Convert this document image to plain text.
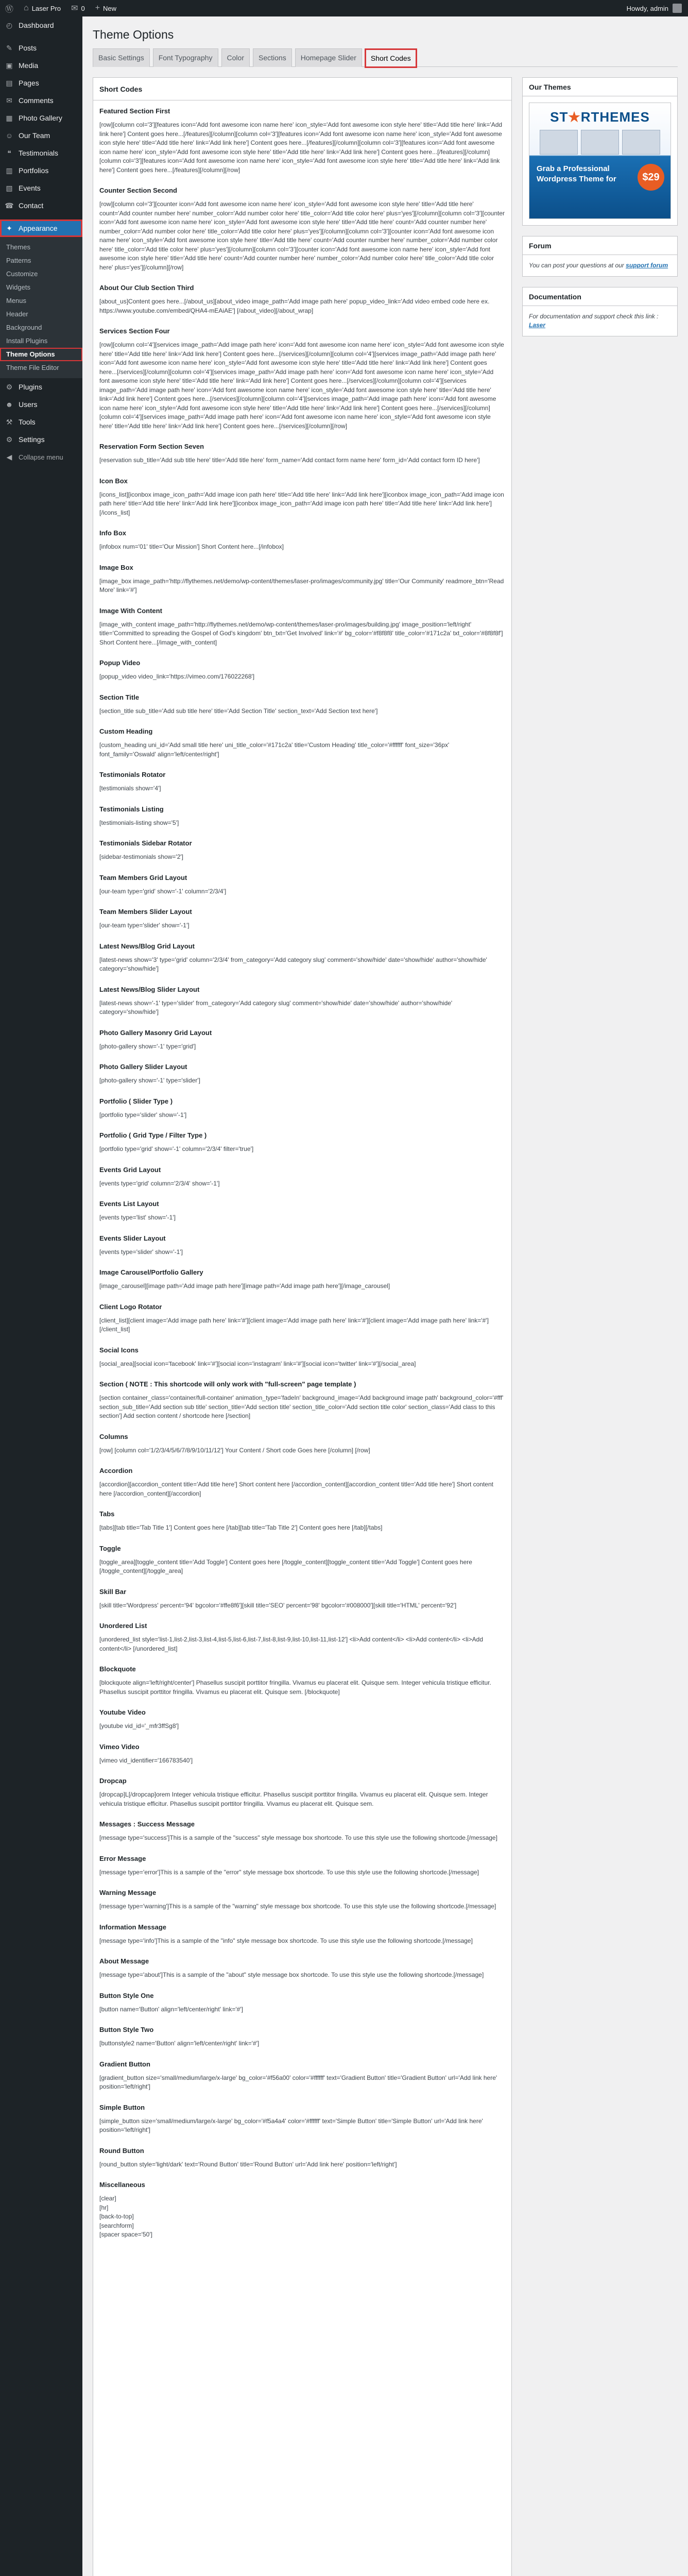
Ⓦ ⌂ Laser Pro ✉ 0 + New	Howdy, admin
◴ Dashboard
✎ Posts
▣ Media
▤ Pages
✉ Comments
▦ Photo Gallery
☺ Our Team
❝	Testimonials
▥ Portfolios
▧ Events
☎ Contact
✦ Appearance
Themes
Patterns
Customize
Widgets
Menus
Header
Background
Install Plugins
Theme Options
Theme File Editor
⚙ Plugins
☻ Users
⚒ Tools
⚙ Settings
◀ Collapse menu
Theme Options
Basic Settings	Font Typography	Color	Sections	Homepage Slider	Short Codes
Short Codes
Featured Section First
[row][column col='3'][features icon='Add font awesome icon name here' icon_style='Add font awesome icon style here' title='Add title here' link='Add link here'] Content goes here...[/features][/column][column col='3'][features icon='Add font awesome icon name here' icon_style='Add font awesome icon style here' title='Add title here' link='Add link here'] Content goes here...[/features][/column][column col='3'][features icon='Add font awesome icon name here' icon_style='Add font awesome icon style here' title='Add title here' link='Add link here'] Content goes here...[/features][/column][column col='3'][features icon='Add font awesome icon name here' icon_style='Add font awesome icon style here' title='Add title here' link='Add link here'] Content goes here...[/features][/column][/row]
Counter Section Second
[row][column col='3'][counter icon='Add font awesome icon name here' icon_style='Add font awesome icon style here' title='Add title here' count='Add counter number here' number_color='Add number color here' title_color='Add title color here' plus='yes'][/column][column col='3'][counter icon='Add font awesome icon name here' icon_style='Add font awesome icon style here' title='Add title here' count='Add counter number here' number_color='Add number color here' title_color='Add title color here' plus='yes'][/column][column col='3'][counter icon='Add font awesome icon name here' icon_style='Add font awesome icon style here' title='Add title here' count='Add counter number here' number_color='Add number color here' title_color='Add title color here' plus='yes'][/column][column col='3'][counter icon='Add font awesome icon name here' icon_style='Add font awesome icon style here' title='Add title here' count='Add counter number here' number_color='Add number color here' title_color='Add title color here' plus='yes'][/column][/row]
About Our Club Section Third
[about_us]Content goes here...[/about_us][about_video image_path='Add image path here' popup_video_link='Add video embed code here ex. https://www.youtube.com/embed/QHA4-mEAiAE'] [/about_video][/about_wrap]
Services Section Four
[row][column col='4'][services image_path='Add image path here' icon='Add font awesome icon name here' icon_style='Add font awesome icon style here' title='Add title here' link='Add link here'] Content goes here...[/services][/column][column col='4'][services image_path='Add image path here' icon='Add font awesome icon name here' icon_style='Add font awesome icon style here' title='Add title here' link='Add link here'] Content goes here...[/services][/column][column col='4'][services image_path='Add image path here' icon='Add font awesome icon name here' icon_style='Add font awesome icon style here' title='Add title here' link='Add link here'] Content goes here...[/services][/column][column col='4'][services image_path='Add image path here' icon='Add font awesome icon name here' icon_style='Add font awesome icon style here' title='Add title here' link='Add link here'] Content goes here...[/services][/column][column col='4'][services image_path='Add image path here' icon='Add font awesome icon name here' icon_style='Add font awesome icon style here' title='Add title here' link='Add link here'] Content goes here...[/services][/column][column col='4'][services image_path='Add image path here' icon='Add font awesome icon name here' icon_style='Add font awesome icon style here' title='Add title here' link='Add link here'] Content goes here...[/services][/column][/row]
Reservation Form Section Seven
[reservation sub_title='Add sub title here' title='Add title here' form_name='Add contact form name here' form_id='Add contact form ID here']
Icon Box
[icons_list][iconbox image_icon_path='Add image icon path here' title='Add title here' link='Add link here'][iconbox image_icon_path='Add image icon path here' title='Add title here' link='Add link here'][iconbox image_icon_path='Add image icon path here' title='Add title here' link='Add link here'][/icons_list]
Info Box
[infobox num='01' title='Our Mission'] Short Content here...[/infobox]
Image Box
[image_box image_path='http://flythemes.net/demo/wp-content/themes/laser-pro/images/community.jpg' title='Our Community' readmore_btn='Read More' link='#']
Image With Content
[image_with_content image_path='http://flythemes.net/demo/wp-content/themes/laser-pro/images/building.jpg' image_position='left/right' title='Committed to spreading the Gospel of God's kingdom' btn_txt='Get Involved' link='#' bg_color='#f8f8f8' title_color='#171c2a' txt_color='#8f8f8f'] Short Content here...[/image_with_content]
Popup Video
[popup_video video_link='https://vimeo.com/176022268']
Section Title
[section_title sub_title='Add sub title here' title='Add Section Title' section_text='Add Section text here']
Custom Heading
[custom_heading uni_id='Add small title here' uni_title_color='#171c2a' title='Custom Heading' title_color='#ffffff' font_size='36px' font_family='Oswald' align='left/center/right']
Testimonials Rotator
[testimonials show='4']
Testimonials Listing
[testimonials-listing show='5']
Testimonials Sidebar Rotator
[sidebar-testimonials show='2']
Team Members Grid Layout
[our-team type='grid' show='-1' column='2/3/4']
Team Members Slider Layout
[our-team type='slider' show='-1']
Latest News/Blog Grid Layout
[latest-news show='3' type='grid' column='2/3/4' from_category='Add category slug' comment='show/hide' date='show/hide' author='show/hide' category='show/hide']
Latest News/Blog Slider Layout
[latest-news show='-1' type='slider' from_category='Add category slug' comment='show/hide' date='show/hide' author='show/hide' category='show/hide']
Photo Gallery Masonry Grid Layout
[photo-gallery show='-1' type='grid']
Photo Gallery Slider Layout
[photo-gallery show='-1' type='slider']
Portfolio ( Slider Type )
[portfolio type='slider' show='-1']
Portfolio ( Grid Type / Filter Type )
[portfolio type='grid' show='-1' column='2/3/4' filter='true']
Events Grid Layout
[events type='grid' column='2/3/4' show='-1']
Events List Layout
[events type='list' show='-1']
Events Slider Layout
[events type='slider' show='-1']
Image Carousel/Portfolio Gallery
[image_carousel][image path='Add image path here'][image path='Add image path here'][/image_carousel]
Client Logo Rotator
[client_list][client image='Add image path here' link='#'][client image='Add image path here' link='#'][client image='Add image path here' link='#'][/client_list]
Social Icons
[social_area][social icon='facebook' link='#'][social icon='instagram' link='#'][social icon='twitter' link='#'][/social_area]
Section ( NOTE : This shortcode will only work with "full-screen" page template )
[section container_class='container/full-container' animation_type='fadeIn' background_image='Add background image path' background_color='#fff' section_sub_title='Add section sub title' section_title='Add section title' section_title_color='Add section title color' section_class='Add class to this section'] Add section content / shortcode here [/section]
Columns
[row] [column col='1/2/3/4/5/6/7/8/9/10/11/12'] Your Content / Short code Goes here [/column] [/row]
Accordion
[accordion][accordion_content title='Add title here'] Short content here [/accordion_content][accordion_content title='Add title here'] Short content here [/accordion_content][/accordion]
Tabs
[tabs][tab title='Tab Title 1'] Content goes here [/tab][tab title='Tab Title 2'] Content goes here [/tab][/tabs]
Toggle
[toggle_area][toggle_content title='Add Toggle'] Content goes here [/toggle_content][toggle_content title='Add Toggle'] Content goes here [/toggle_content][/toggle_area]
Skill Bar
[skill title='Wordpress' percent='94' bgcolor='#ffe8f6'][skill title='SEO' percent='98' bgcolor='#008000'][skill title='HTML' percent='92']
Unordered List
[unordered_list style='list-1,list-2,list-3,list-4,list-5,list-6,list-7,list-8,list-9,list-10,list-11,list-12'] <li>Add content</li> <li>Add content</li> <li>Add content</li> [/unordered_list]
Blockquote
[blockquote align='left/right/center'] Phasellus suscipit porttitor fringilla. Vivamus eu placerat elit. Quisque sem. Integer vehicula tristique efficitur. Phasellus suscipit porttitor fringilla. Vivamus eu placerat elit. Quisque sem. [/blockquote]
Youtube Video
[youtube vid_id='_mfr3ffSg8']
Vimeo Video
[vimeo vid_identifier='166783540']
Dropcap
[dropcap]L[/dropcap]orem Integer vehicula tristique efficitur. Phasellus suscipit porttitor fringilla. Vivamus eu placerat elit. Quisque sem. Integer vehicula tristique efficitur. Phasellus suscipit porttitor fringilla. Vivamus eu placerat elit. Quisque sem.
Messages : Success Message
[message type='success']This is a sample of the "success" style message box shortcode. To use this style use the following shortcode.[/message]
Error Message
[message type='error']This is a sample of the "error" style message box shortcode. To use this style use the following shortcode.[/message]
Warning Message
[message type='warning']This is a sample of the "warning" style message box shortcode. To use this style use the following shortcode.[/message]
Information Message
[message type='info']This is a sample of the "info" style message box shortcode. To use this style use the following shortcode.[/message]
About Message
[message type='about']This is a sample of the "about" style message box shortcode. To use this style use the following shortcode.[/message]
Button Style One
[button name='Button' align='left/center/right' link='#']
Button Style Two
[buttonstyle2 name='Button' align='left/center/right' link='#']
Gradient Button
[gradient_button size='small/medium/large/x-large' bg_color='#f56a00' color='#ffffff' text='Gradient Button' title='Gradient Button' url='Add link here' position='left/right']
Simple Button
[simple_button size='small/medium/large/x-large' bg_color='#f5a4a4' color='#ffffff' text='Simple Button' title='Simple Button' url='Add link here' position='left/right']
Round Button
[round_button style='light/dark' text='Round Button' title='Round Button' url='Add link here' position='left/right']
Miscellaneous
[clear]
[hr]
[back-to-top]
[searchform]
[spacer space='50']
Our Themes
ST★RTHEMES
Grab a Professional Wordpress Theme for	$29
Forum
You can post your questions at our support forum
Documentation
For documentation and support check this link : Laser
